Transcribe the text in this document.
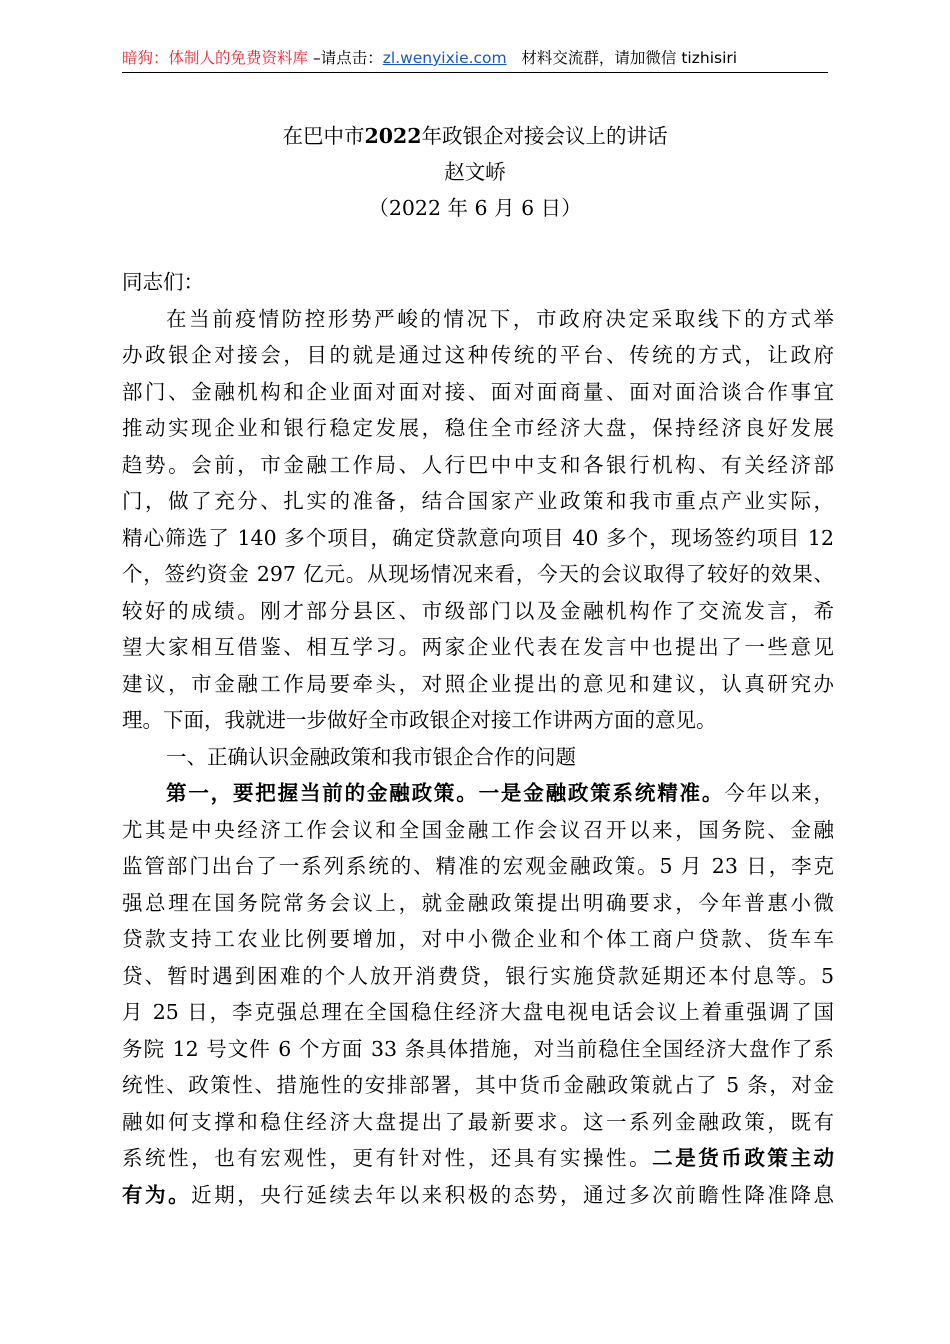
暗狗：体制人的免费资料库 –请点击：zl.wenyixie.com   材料交流群，请加微信 tizhisiri
在巴中市2022年政银企对接会议上的讲话
赵文峤
（2022 年 6 月 6 日）
同志们：
在当前疫情防控形势严峻的情况下，市政府决定采取线下的方式举
办政银企对接会，目的就是通过这种传统的平台、传统的方式，让政府
部门、金融机构和企业面对面对接、面对面商量、面对面洽谈合作事宜
推动实现企业和银行稳定发展，稳住全市经济大盘，保持经济良好发展
趋势。会前，市金融工作局、人行巴中中支和各银行机构、有关经济部
门，做了充分、扎实的准备，结合国家产业政策和我市重点产业实际，
精心筛选了 140 多个项目，确定贷款意向项目 40 多个，现场签约项目 12
个，签约资金 297 亿元。从现场情况来看，今天的会议取得了较好的效果、
较好的成绩。刚才部分县区、市级部门以及金融机构作了交流发言，希
望大家相互借鉴、相互学习。两家企业代表在发言中也提出了一些意见
建议，市金融工作局要牵头，对照企业提出的意见和建议，认真研究办
理。下面，我就进一步做好全市政银企对接工作讲两方面的意见。
一、正确认识金融政策和我市银企合作的问题
第一，要把握当前的金融政策。一是金融政策系统精准。今年以来，
尤其是中央经济工作会议和全国金融工作会议召开以来，国务院、金融
监管部门出台了一系列系统的、精准的宏观金融政策。5 月 23 日，李克
强总理在国务院常务会议上，就金融政策提出明确要求，今年普惠小微
贷款支持工农业比例要增加，对中小微企业和个体工商户贷款、货车车
贷、暂时遇到困难的个人放开消费贷，银行实施贷款延期还本付息等。5
月 25 日，李克强总理在全国稳住经济大盘电视电话会议上着重强调了国
务院 12 号文件 6 个方面 33 条具体措施，对当前稳住全国经济大盘作了系
统性、政策性、措施性的安排部署，其中货币金融政策就占了 5 条，对金
融如何支撑和稳住经济大盘提出了最新要求。这一系列金融政策，既有
系统性，也有宏观性，更有针对性，还具有实操性。二是货币政策主动
有为。近期，央行延续去年以来积极的态势，通过多次前瞻性降准降息
